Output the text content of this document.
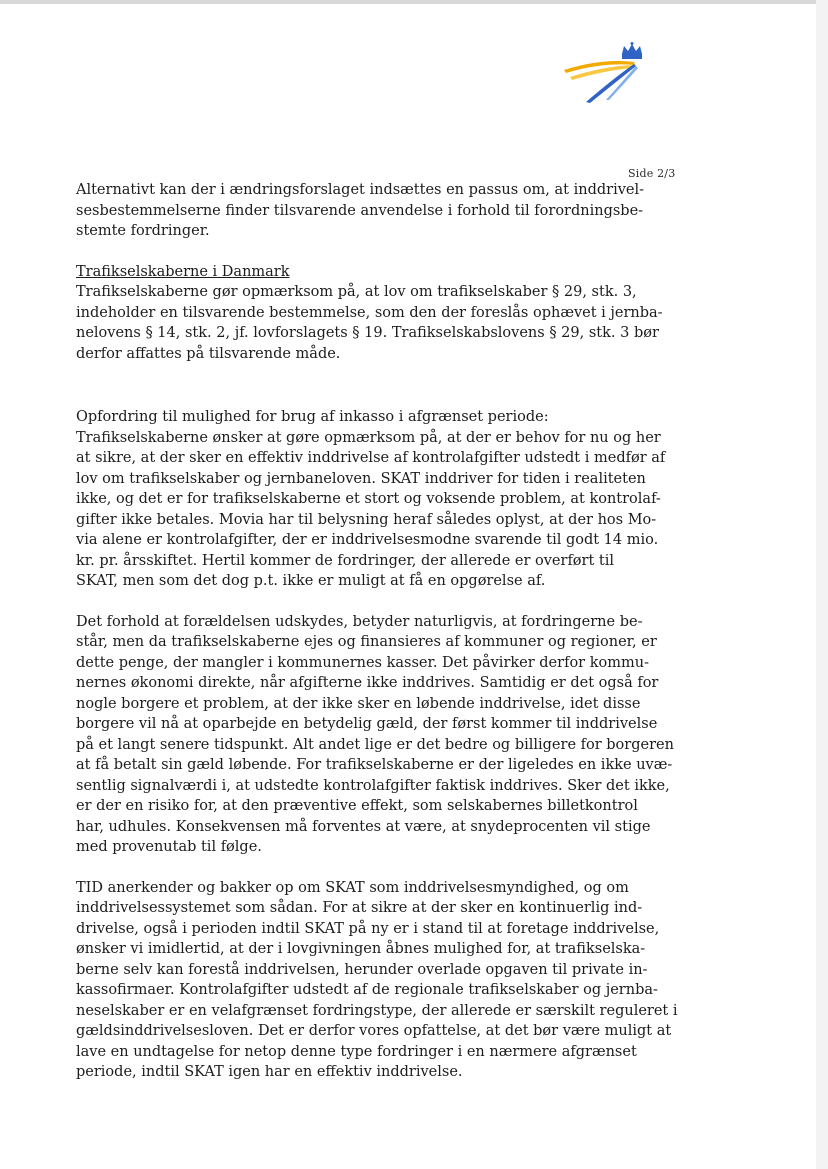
Side 2/3

Alternativt kan der i ændringsforslaget indsættes en passus om, at inddrivel-
sesbestemmelserne finder tilsvarende anvendelse i forhold til forordningsbe-
stemte fordringer.

Trafikselskaberne i Danmark
Trafikselskaberne gør opmærksom på, at lov om trafikselskaber § 29, stk. 3,
indeholder en tilsvarende bestemmelse, som den der foreslås ophævet i jernba-
nelovens § 14, stk. 2, jf. lovforslagets § 19. Trafikselskabslovens § 29, stk. 3 bør
derfor affattes på tilsvarende måde.

Opfordring til mulighed for brug af inkasso i afgrænset periode:
Trafikselskaberne ønsker at gøre opmærksom på, at der er behov for nu og her
at sikre, at der sker en effektiv inddrivelse af kontrolafgifter udstedt i medfør af
lov om trafikselskaber og jernbaneloven. SKAT inddriver for tiden i realiteten
ikke, og det er for trafikselskaberne et stort og voksende problem, at kontrolaf-
gifter ikke betales. Movia har til belysning heraf således oplyst, at der hos Mo-
via alene er kontrolafgifter, der er inddrivelsesmodne svarende til godt 14 mio.
kr. pr. årsskiftet. Hertil kommer de fordringer, der allerede er overført til
SKAT, men som det dog p.t. ikke er muligt at få en opgørelse af.

Det forhold at forældelsen udskydes, betyder naturligvis, at fordringerne be-
står, men da trafikselskaberne ejes og finansieres af kommuner og regioner, er
dette penge, der mangler i kommunernes kasser. Det påvirker derfor kommu-
nernes økonomi direkte, når afgifterne ikke inddrives. Samtidig er det også for
nogle borgere et problem, at der ikke sker en løbende inddrivelse, idet disse
borgere vil nå at oparbejde en betydelig gæld, der først kommer til inddrivelse
på et langt senere tidspunkt. Alt andet lige er det bedre og billigere for borgeren
at få betalt sin gæld løbende. For trafikselskaberne er der ligeledes en ikke uvæ-
sentlig signalværdi i, at udstedte kontrolafgifter faktisk inddrives. Sker det ikke,
er der en risiko for, at den præventive effekt, som selskabernes billetkontrol
har, udhules. Konsekvensen må forventes at være, at snydeprocenten vil stige
med provenutab til følge.

TID anerkender og bakker op om SKAT som inddrivelsesmyndighed, og om
inddrivelsessystemet som sådan. For at sikre at der sker en kontinuerlig ind-
drivelse, også i perioden indtil SKAT på ny er i stand til at foretage inddrivelse,
ønsker vi imidlertid, at der i lovgivningen åbnes mulighed for, at trafikselska-
berne selv kan forestå inddrivelsen, herunder overlade opgaven til private in-
kassofirmaer. Kontrolafgifter udstedt af de regionale trafikselskaber og jernba-
neselskaber er en velafgrænset fordringstype, der allerede er særskilt reguleret i
gældsinddrivelsesloven. Det er derfor vores opfattelse, at det bør være muligt at
lave en undtagelse for netop denne type fordringer i en nærmere afgrænset
periode, indtil SKAT igen har en effektiv inddrivelse.
